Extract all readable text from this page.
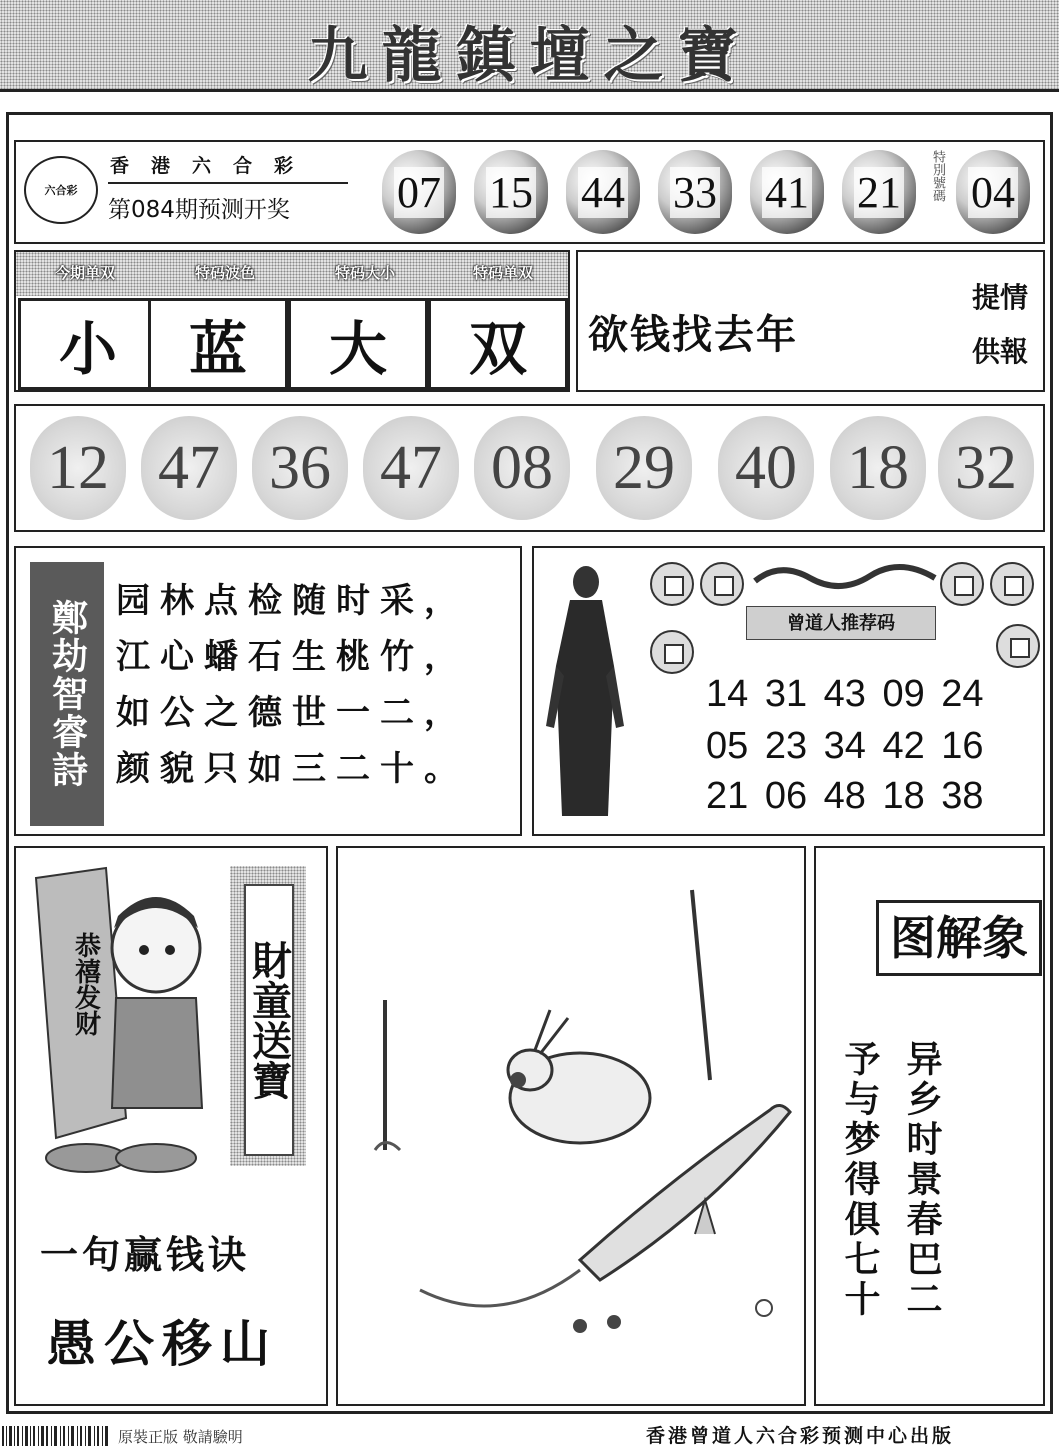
九龍鎮壇之寶
六合彩
香港六合彩
第084期预测开奖	07 15 44 33 41 21	特別號碼 04
今期单双	特码波色	特码大小	特码单双
小	蓝	大	双	欲钱找去年
提情
供報
12 47 36 47 08 29 40 18 32
鄭劫智睿詩 园林点检随时采，
江心蟠石生桃竹，
如公之德世一二，
颜貌只如三二十。
曾道人推荐码
14 31 43 09 24
05 23 34 42 16
21 06 48 18 38
恭禧发财	財童送寶
一句赢钱诀
愚公移山
图解象
异乡时景春巴二
予与梦得俱七十
原裝正版 敬請驗明	香港曾道人六合彩预测中心出版
